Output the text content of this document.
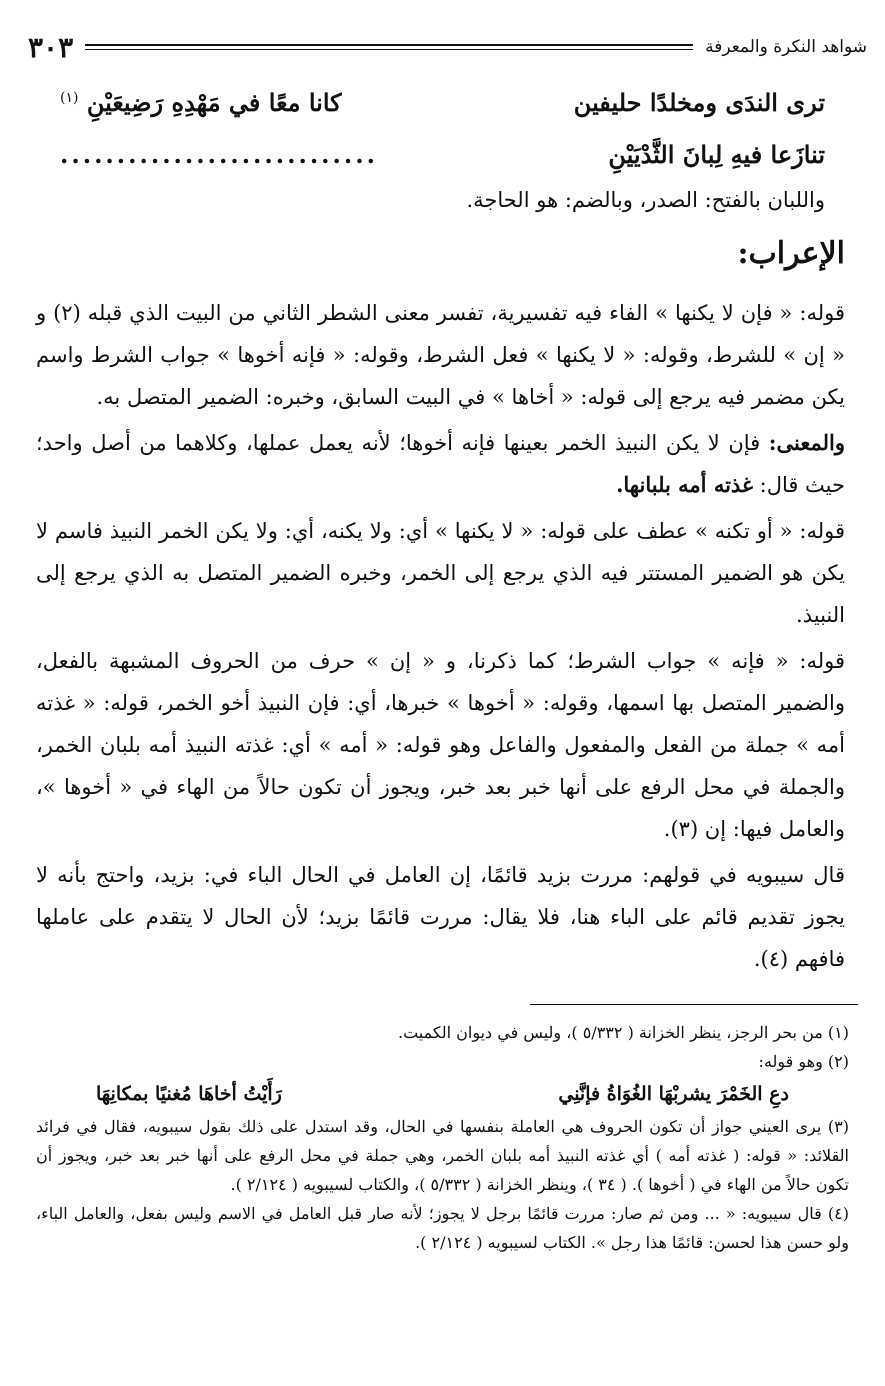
شواهد النكرة والمعرفة
٣٠٣
ترى الندَى ومخلدًا حليفين
كانا معًا في مَهْدِهِ رَضِيعَيْنِ $^{(١)}$
تنازَعا فيهِ لِبانَ الثَّدْيَيْنِ
............................
واللبان بالفتح: الصدر، وبالضم: هو الحاجة.
الإعراب:

قوله: « فإن لا يكنها » الفاء فيه تفسيرية، تفسر معنى الشطر الثاني من البيت الذي قبله (٢) و « إن » للشرط، وقوله: « لا يكنها » فعل الشرط، وقوله: « فإنه أخوها » جواب الشرط واسم يكن مضمر فيه يرجع إلى قوله: « أخاها » في البيت السابق، وخبره: الضمير المتصل به.

والمعنى: فإن لا يكن النبيذ الخمر بعينها فإنه أخوها؛ لأنه يعمل عملها، وكلاهما من أصل واحد؛ حيث قال: غذته أمه بلبانها.

قوله: « أو تكنه » عطف على قوله: « لا يكنها » أي: ولا يكنه، أي: ولا يكن الخمر النبيذ فاسم لا يكن هو الضمير المستتر فيه الذي يرجع إلى الخمر، وخبره الضمير المتصل به الذي يرجع إلى النبيذ.

قوله: « فإنه » جواب الشرط؛ كما ذكرنا، و « إن » حرف من الحروف المشبهة بالفعل، والضمير المتصل بها اسمها، وقوله: « أخوها » خبرها، أي: فإن النبيذ أخو الخمر، قوله: « غذته أمه » جملة من الفعل والمفعول والفاعل وهو قوله: « أمه » أي: غذته النبيذ أمه بلبان الخمر، والجملة في محل الرفع على أنها خبر بعد خبر، ويجوز أن تكون حالاً من الهاء في « أخوها »، والعامل فيها: إن (٣).

قال سيبويه في قولهم: مررت بزيد قائمًا، إن العامل في الحال الباء في: بزيد، واحتج بأنه لا يجوز تقديم قائم على الباء هنا، فلا يقال: مررت قائمًا بزيد؛ لأن الحال لا يتقدم على عاملها فافهم (٤).

(١) من بحر الرجز، ينظر الخزانة ( ٥/٣٣٢ )، وليس في ديوان الكميت.

(٢) وهو قوله:

دعِ الخَمْرَ يشربْهَا الغُوَاةُ فإنَّنِي
رَأَيْتُ أخاهَا مُغنيًا بمكانِهَا

(٣) يرى العيني جواز أن تكون الحروف هي العاملة بنفسها في الحال، وقد استدل على ذلك بقول سيبويه، فقال في فرائد القلائد: « قوله: ( غذته أمه ) أي غذته النبيذ أمه بلبان الخمر، وهي جملة في محل الرفع على أنها خبر بعد خبر، ويجوز أن تكون حالاً من الهاء في ( أخوها ). ( ٣٤ )، وينظر الخزانة ( ٥/٣٣٢ )، والكتاب لسيبويه ( ٢/١٢٤ ).

(٤) قال سيبويه: « ... ومن ثم صار: مررت قائمًا برجل لا يجوز؛ لأنه صار قبل العامل في الاسم وليس بفعل، والعامل الباء، ولو حسن هذا لحسن: قائمًا هذا رجل ». الكتاب لسيبويه ( ٢/١٢٤ ).
